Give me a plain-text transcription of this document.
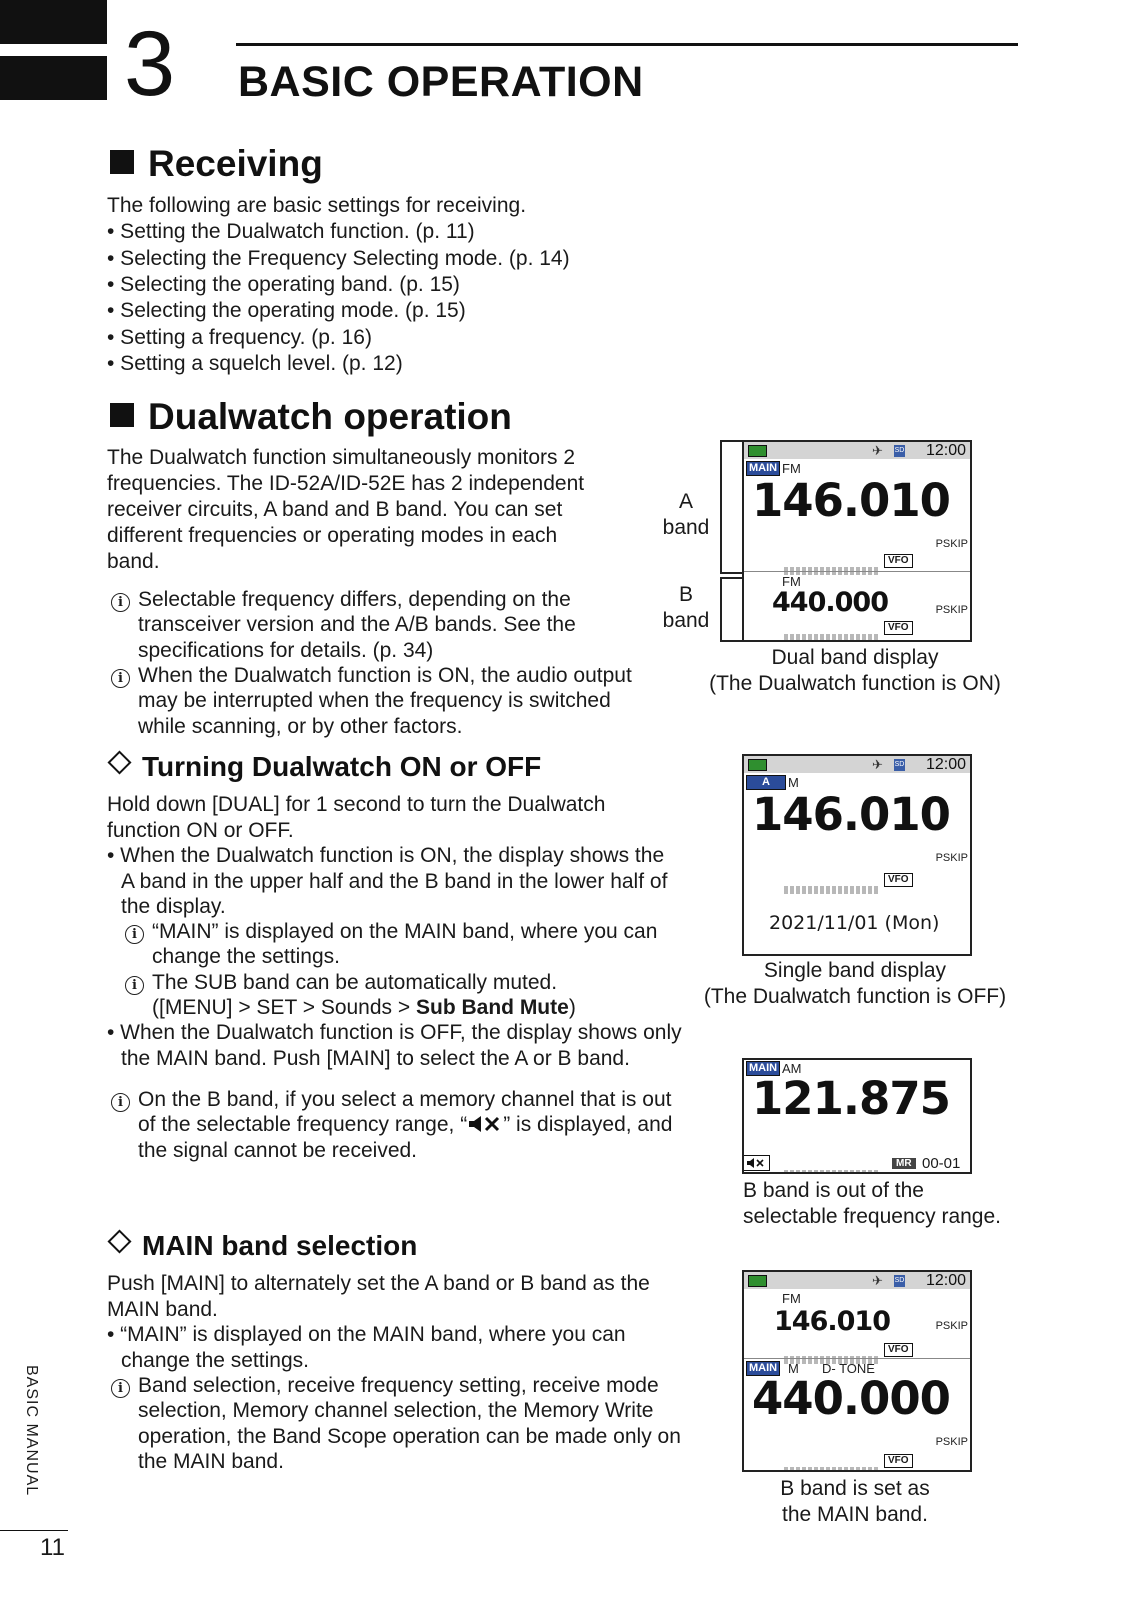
3 BASIC OPERATION
Receiving
The following are basic settings for receiving.
• Setting the Dualwatch function. (p. 11)
• Selecting the Frequency Selecting mode. (p. 14)
• Selecting the operating band. (p. 15)
• Selecting the operating mode. (p. 15)
• Setting a frequency. (p. 16)
• Setting a squelch level. (p. 12)
Dualwatch operation
The Dualwatch function simultaneously monitors 2
frequencies. The ID-52A/ID-52E has 2 independent
receiver circuits, A band and B band. You can set
different frequencies or operating modes in each
band.
i Selectable frequency differs, depending on the
transceiver version and the A/B bands. See the
specifications for details. (p. 34)
i When the Dualwatch function is ON, the audio output
may be interrupted when the frequency is switched
while scanning, or by other factors.
Turning Dualwatch ON or OFF
Hold down [DUAL] for 1 second to turn the Dualwatch
function ON or OFF.
• When the Dualwatch function is ON, the display shows the
A band in the upper half and the B band in the lower half of
the display.
i “MAIN” is displayed on the MAIN band, where you can
change the settings.
i The SUB band can be automatically muted.
([MENU] > SET > Sounds > Sub Band Mute)
• When the Dualwatch function is OFF, the display shows only
the MAIN band. Push [MAIN] to select the A or B band.
i On the B band, if you select a memory channel that is out
of the selectable frequency range, “ ” is displayed, and
the signal cannot be received.
MAIN band selection
Push [MAIN] to alternately set the A band or B band as the
MAIN band.
• “MAIN” is displayed on the MAIN band, where you can
change the settings.
i Band selection, receive frequency setting, receive mode
selection, Memory channel selection, the Memory Write
operation, the Band Scope operation can be made only on
the MAIN band.
A
band
B
band
✈ SD 12:00
MAIN FM
146.010
PSKIP
VFO
FM
440.000	PSKIP
VFO
Dual band display
(The Dualwatch function is ON)
✈ SD 12:00
A	M
146.010
PSKIP
VFO
2021/11/01 (Mon)
Single band display
(The Dualwatch function is OFF)
MAIN AM
121.875
MR 00-01
B band is out of the
selectable frequency range.
✈ SD 12:00
FM
146.010	PSKIP
VFO
MAIN M D- TONE
440.000
PSKIP
VFO
B band is set as
the MAIN band.
BASIC MANUAL
11
